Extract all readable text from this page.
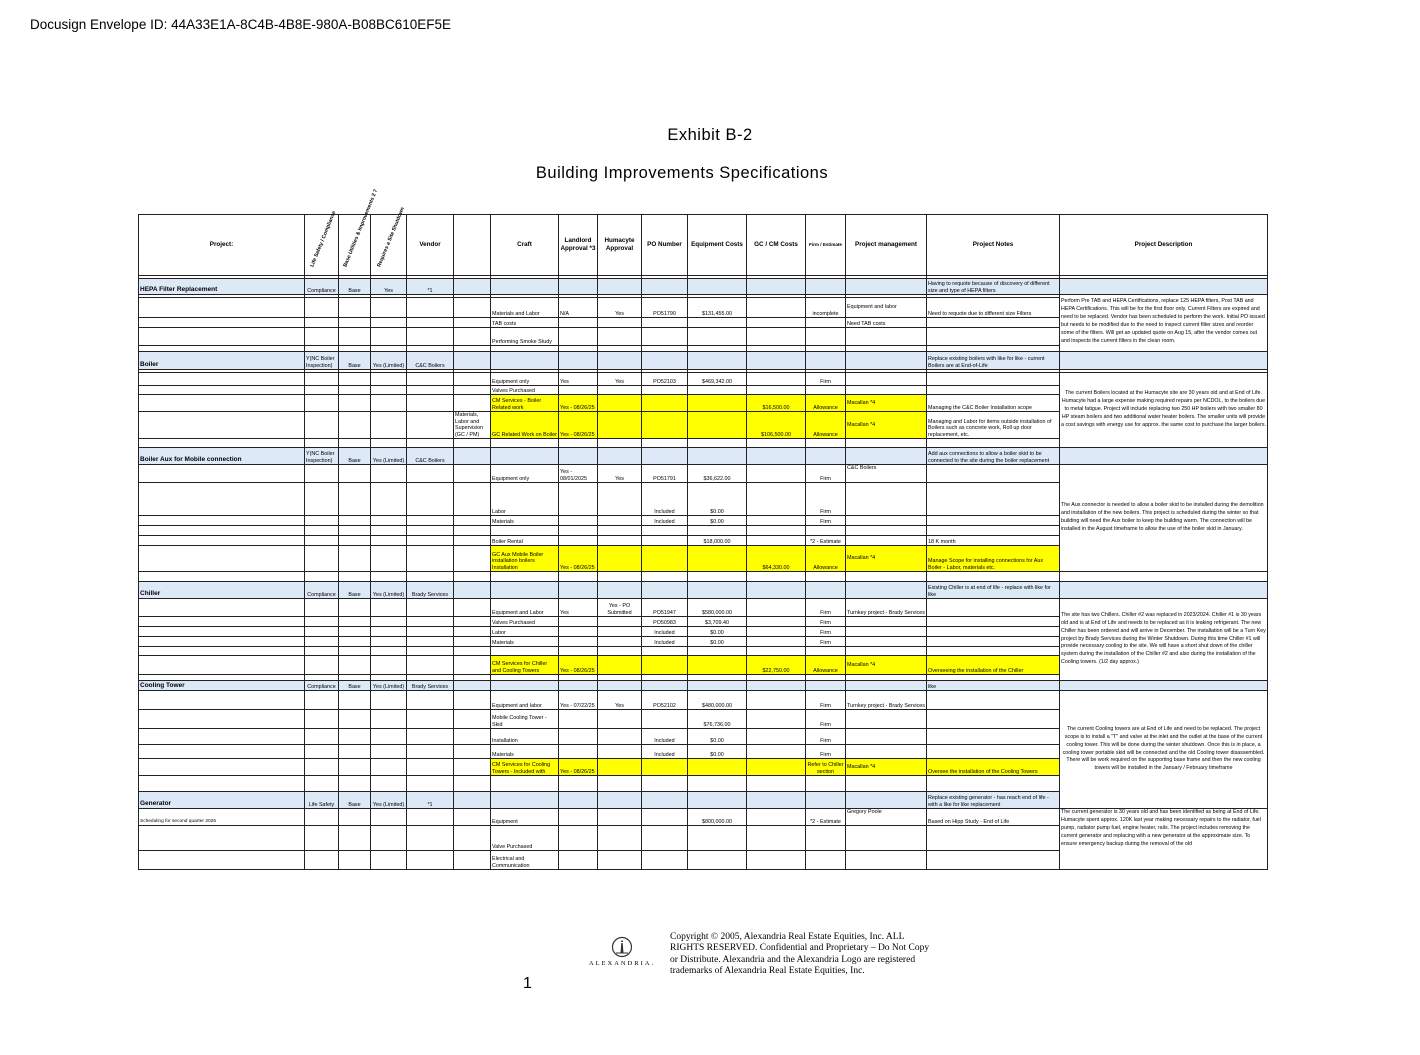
Docusign Envelope ID: 44A33E1A-8C4B-4B8E-980A-B08BC610EF5E
Exhibit B-2
Building Improvements Specifications
Project:	Life Safety / Compliance	Base Utilities & Improvements 2 7	Requires a Site Shutdown	Vendor		Craft	Landlord Approval *3	Humacyte Approval	PO Number	Equipment Costs	GC / CM Costs	Firm / Estimate	Project management	Project Notes	Project Description	

HEPA Filter Replacement	Compliance	Base	Yes	*1										Having to requote because of discovery of different size and type of HEPA filters		
															Perform Pre TAB and HEPA Certifications, replace 125 HEPA filters, Post TAB and HEPA Certifications. This will be for the first floor only. Current Filters are expired and need to be replaced. Vendor has been scheduled to perform the work. Initial PO issued but needs to be modified due to the need to inspect current filter sizes and reorder some of the filters. Will get an updated quote on Aug 15, after the vendor comes out and inspects the current filters in the clean room.	
						Materials and Labor	N/A	Yes	PO51790	$131,455.00		incomplete	Equipment and labor	Need to requote due to different size Filters		
						TAB costs							Need TAB costs			
						Performing Smoke Study										

Boiler	Y(NC Boiler Inspection)	Base	Yes (Limited)	C&C Boilers										Replace existing boilers with like for like - current Boilers are at End-of-Life		

						Equipment only	Yes	Yes	PO52103	$469,342.00		Firm			The current Boilers located at the Humacyte site are 30 years old and at End of Life. Humacyte had a large expense making required repairs per NCDOL, to the boilers due to metal fatigue. Project will include replacing two 250 HP boilers with two smaller 80 HP steam boilers and two additional water heater boilers. The smaller units will provide a cost savings with energy use for approx. the same cost to purchase the larger boilers.	
						Valves Purchased										
						CM Services - Boiler Related work	Yes - 08/26/25				$16,500.00	Allowance	Macallan *4	Managing the C&C Boiler Installation scope		
					Materials, Labor and Supervision (GC / PM)	GC Related Work on Boiler	Yes - 08/26/25				$106,500.00	Allowance	Macallan *4	Managing and Labor for items outside installation of Boilers such as concrete work, Roll up door replacement, etc.		

Boiler Aux for Mobile connection	Y(NC Boiler Inspection)	Base	Yes (Limited)	C&C Boilers										Add aux connections to allow a boiler skid to be connected to the site during the boiler replacement		
						Equipment only	Yes - 08/01/2025	Yes	PO51791	$36,622.00		Firm	C&C Boilers		The Aux connector is needed to allow a boiler skid to be installed during the demolition and installation of the new boilers. This project is scheduled during the winter so that building will need the Aux boiler to keep the building warm. The connection will be installed in the August timeframe to allow the use of the boiler skid in January.	
						Labor			Included	$0.00		Firm				
						Materials			Included	$0.00		Firm				

						Boiler Rental				$18,000.00		*2 - Estimate		18 K month		
						GC Aux Mobile Boiler installation boilers Installation	Yes - 08/26/25				$64,330.00	Allowance	Macallan *4	Manage Scope for installing connections for Aux Boiler - Labor, materials etc.		

Chiller	Compliance	Base	Yes (Limited)	Brady Services										Existing Chiller is at end of life - replace with like for like		
						Equipment and Labor	Yes	Yes - PO Submitted	PO51947	$580,000.00		Firm	Turnkey project - Brady Services		The site has two Chillers. Chiller #2 was replaced in 2023/2024. Chiller #1 is 30 years old and is at End of Life and needs to be replaced as it is leaking refrigerant. The new Chiller has been ordered and will arrive in December. The installation will be a Turn Key project by Brady Services during the Winter Shutdown. During this time Chiller #1 will provide necessary cooling to the site. We will have a short shut down of the chiller system during the installation of the Chiller #2 and also during the installation of the Cooling towers. (1/2 day approx.)	
						Valves Purchased			PO50983	$3,709.40		Firm				
						Labor			Included	$0.00		Firm				
						Materials			Included	$0.00		Firm				

						CM Services for Chiller and Cooling Towers	Yes - 08/26/25				$22,750.00	Allowance	Macallan *4	Overseeing the installation of the Chiller		

Cooling Tower	Compliance	Base	Yes (Limited)	Brady Services										like		
						Equipment and labor	Yes - 07/22/25	Yes	PO52102	$480,000.00		Firm	Turnkey project - Brady Services		The current Cooling towers are at End of Life and need to be replaced. The project scope is to install a "T" and valve at the inlet and the outlet at the base of the current cooling tower. This will be done during the winter shutdown. Once this is in place, a cooling tower portable skid will be connected and the old Cooling tower disassembled. There will be work required on the supporting base frame and then the new cooling towers will be installed in the January / February timeframe	
						Mobile Cooling Tower - Skid				$76,736.00		Firm				
						Installation			Included	$0.00		Firm				
						Materials			Included	$0.00		Firm				
						CM Services for Cooling Towers - Included with	Yes - 08/26/25					Refer to Chiller section	Macallan *4	Oversee the installation of the Cooling Towers		

Generator	Life Safety	Base	Yes (Limited)	*1										Replace existing generator - has reach end of life - with a like for like replacement		
Scheduling for second quarter 2026						Equipment				$800,000.00		*2 - Estimate	Gregory Poole	Based on Hipp Study - End of Life	The current generator is 30 years old and has been identified as being at End of Life. Humacyte spent approx. 120K last year making necessary repairs to the radiator, fuel pump, radiator pump fuel, engine heater, rails. The project includes removing the current generator and replacing with a new generator at the approximate size. To ensure emergency backup during the removal of the old	
						Valve Purchased										
						Electrical and Communication										
ALEXANDRIA.
Copyright © 2005, Alexandria Real Estate Equities, Inc. ALL RIGHTS RESERVED. Confidential and Proprietary – Do Not Copy or Distribute. Alexandria and the Alexandria Logo are registered trademarks of Alexandria Real Estate Equities, Inc.
1
